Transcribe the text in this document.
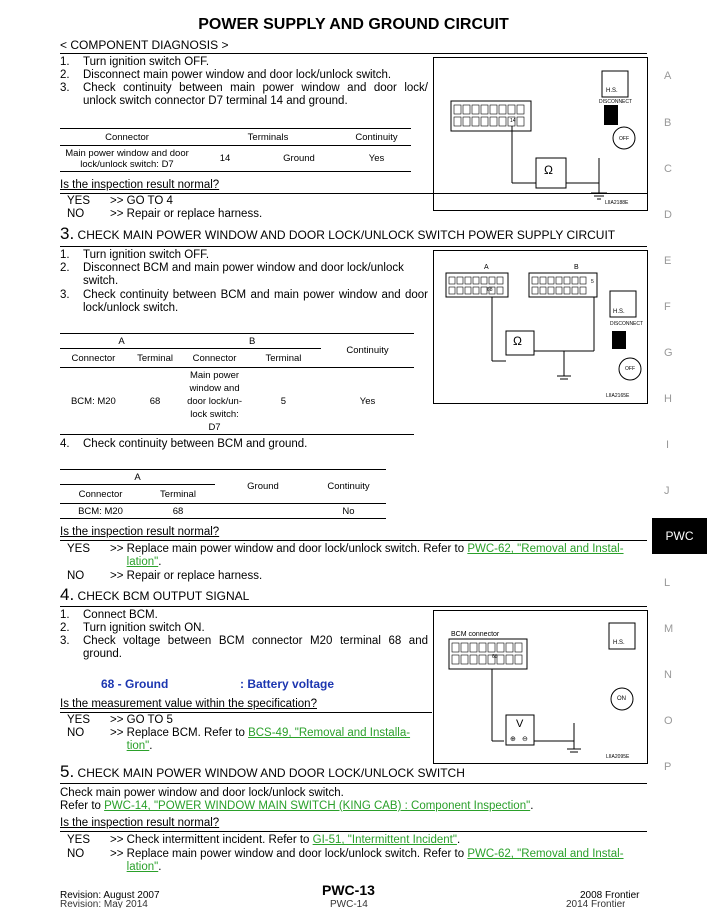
POWER SUPPLY AND GROUND CIRCUIT
< COMPONENT DIAGNOSIS >
1. Turn ignition switch OFF.
2. Disconnect main power window and door lock/unlock switch.
3.	Check continuity between main power window and door lock/ unlock switch connector D7 terminal 14 and ground.
Connector	Terminals		Continuity
Main power window and door lock/unlock switch: D7	14	Ground	Yes
Is the inspection result normal?
YES >> GO TO 4
NO >> Repair or replace harness.
3. CHECK MAIN POWER WINDOW AND DOOR LOCK/UNLOCK SWITCH POWER SUPPLY CIRCUIT
1. Turn ignition switch OFF.
2.	Disconnect BCM and main power window and door lock/unlock switch.
3.	Check continuity between BCM and main power window and door lock/unlock switch.
A		B		Continuity
Connector	Terminal	Connector	Terminal	
BCM: M20	68	Main power window and door lock/un-lock switch: D7	5	Yes
4. Check continuity between BCM and ground.
A		Ground	Continuity
Connector	Terminal		
BCM: M20	68		No
Is the inspection result normal?
YES	>> Replace main power window and door lock/unlock switch. Refer to PWC-62, "Removal and Instal-
lation".
NO >> Repair or replace harness.
4. CHECK BCM OUTPUT SIGNAL
1. Connect BCM.
2. Turn ignition switch ON.
3.	Check voltage between BCM connector M20 terminal 68 and ground.
68 - Ground	: Battery voltage
Is the measurement value within the specification?
YES >> GO TO 5
NO	>> Replace BCM. Refer to BCS-49, "Removal and Installa-
tion".
5. CHECK MAIN POWER WINDOW AND DOOR LOCK/UNLOCK SWITCH
Check main power window and door lock/unlock switch.
Refer to PWC-14, "POWER WINDOW MAIN SWITCH (KING CAB) : Component Inspection".
Is the inspection result normal?
YES >> Check intermittent incident. Refer to GI-51, "Intermittent Incident".
NO	>> Replace main power window and door lock/unlock switch. Refer to PWC-62, "Removal and Instal-
lation".
14
Ω
H.S.
DISCONNECT
OFF
LIIA2188E
A	B
68
5
Ω
H.S.
DISCONNECT
OFF
LIIA2165E
BCM connector
68
V
⊕ ⊖
H.S.
ON
LIIA2095E
A
B
C
D
E
F
G
H
I
J
PWC
L
M
N
O
P
Revision: August 2007	PWC-13	2008 Frontier
Revision: May 2014	PWC-14	2014 Frontier
